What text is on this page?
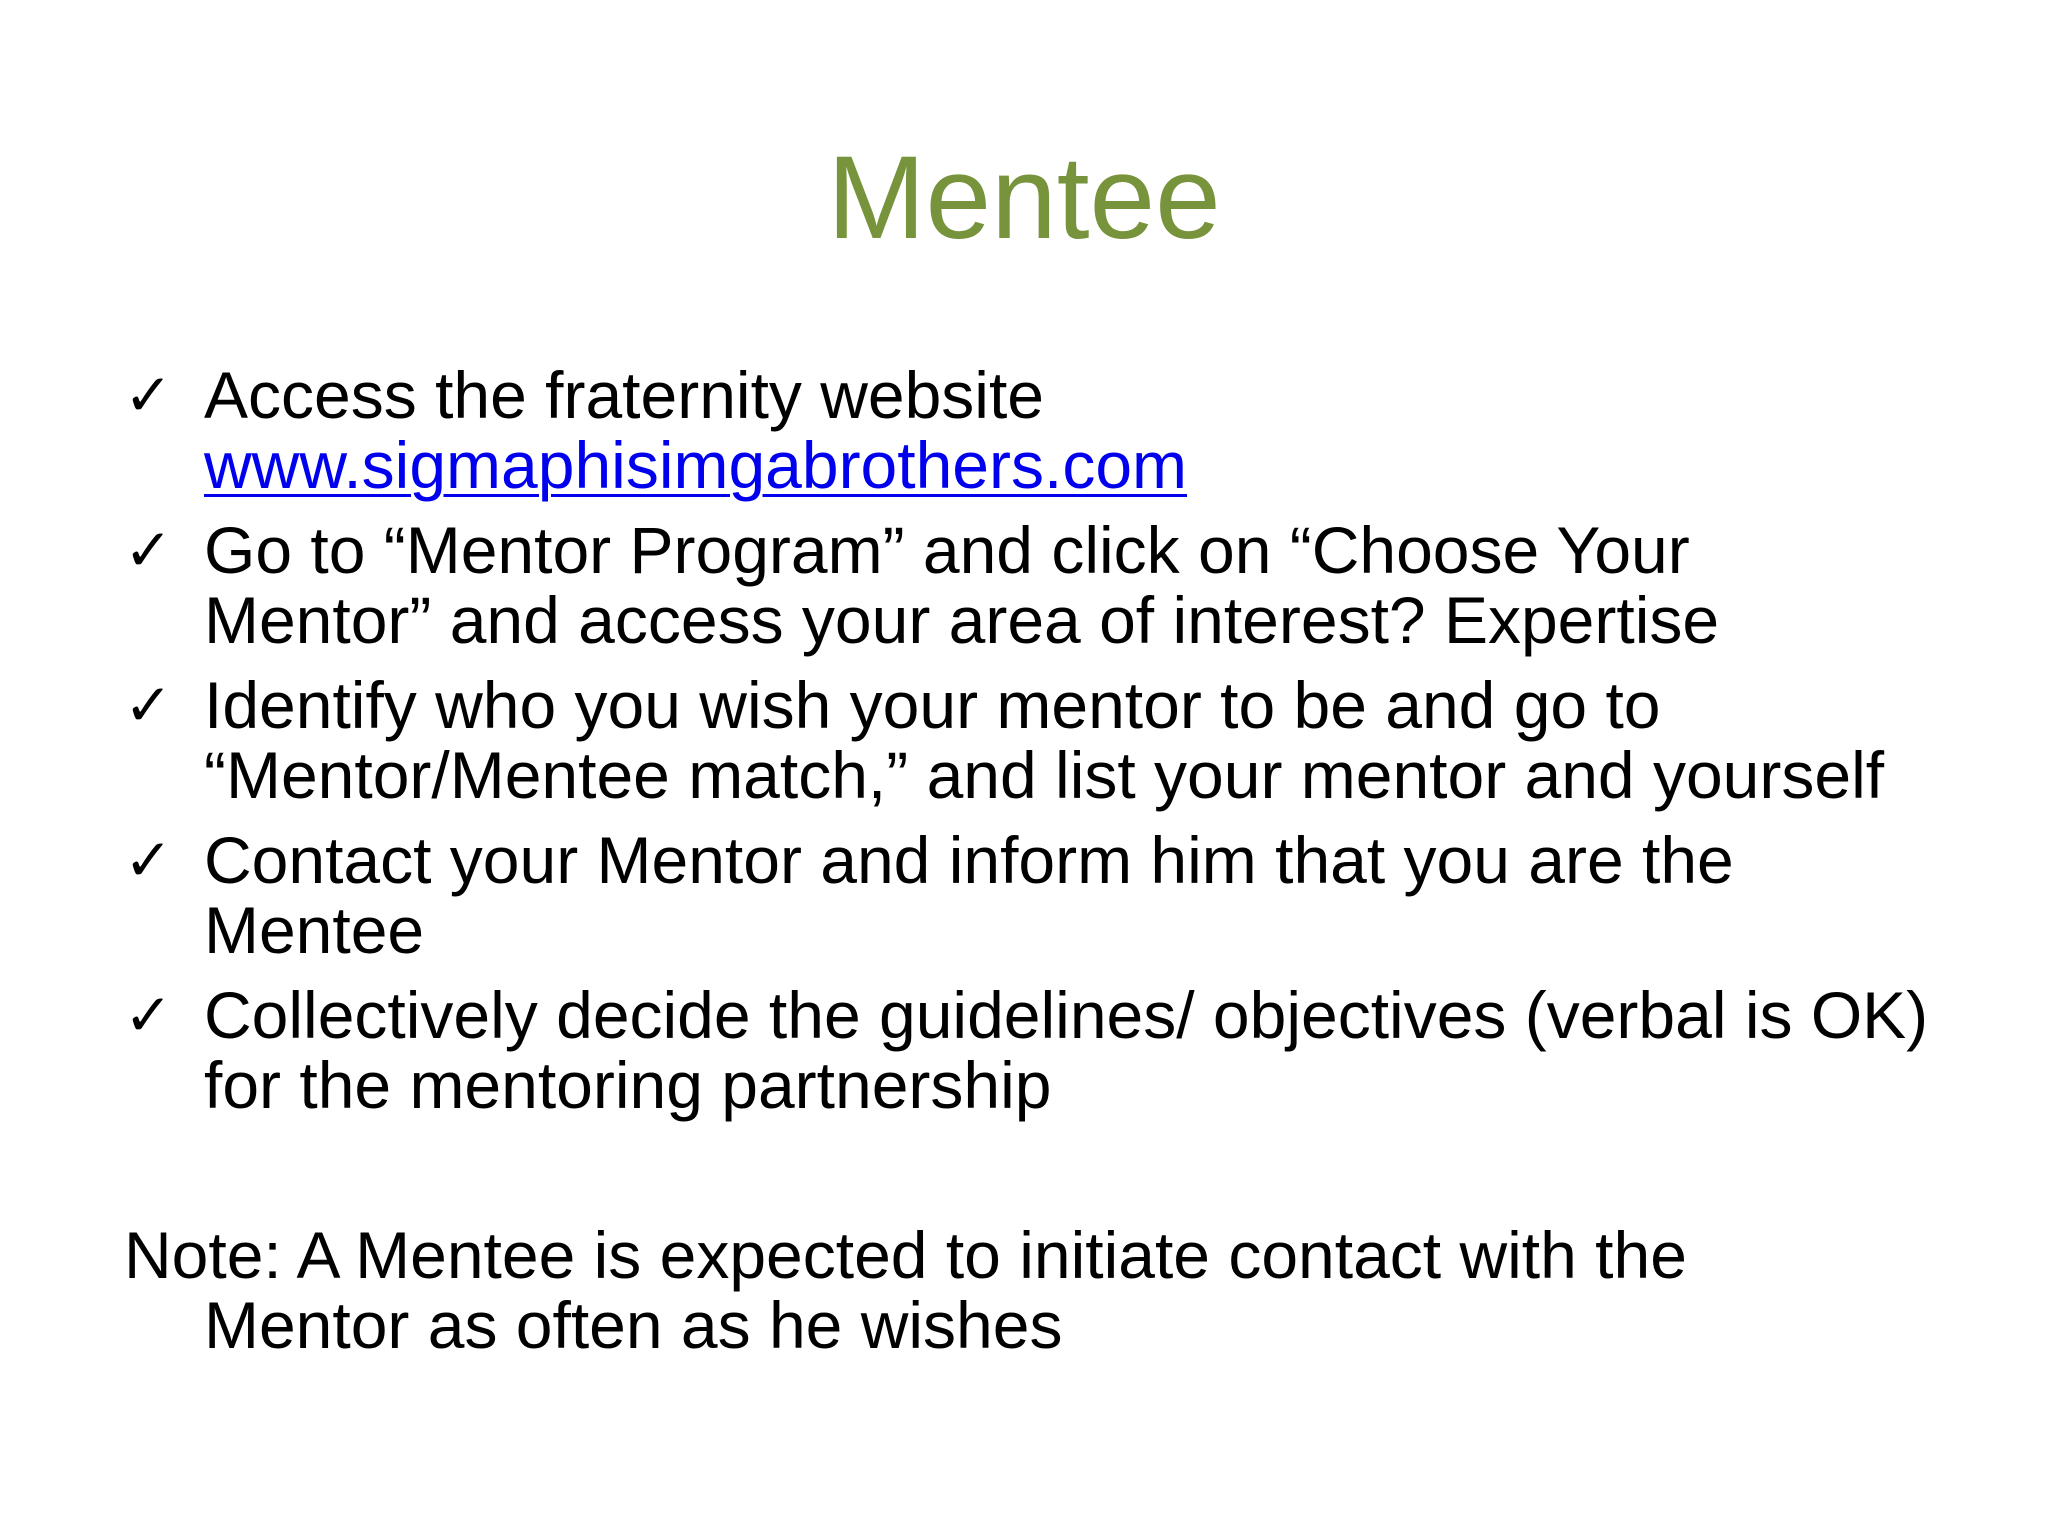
Mentee
✓ Access the fraternity website
www.sigmaphisimgabrothers.com
✓ Go to “Mentor Program” and click on “Choose Your
Mentor” and access your area of interest? Expertise
✓ Identify who you wish your mentor to be and go to
“Mentor/Mentee match,” and list your mentor and yourself
✓ Contact your Mentor and inform him that you are the
Mentee
✓ Collectively decide the guidelines/ objectives (verbal is OK)
for the mentoring partnership
Note: A Mentee is expected to initiate contact with the
Mentor as often as he wishes
